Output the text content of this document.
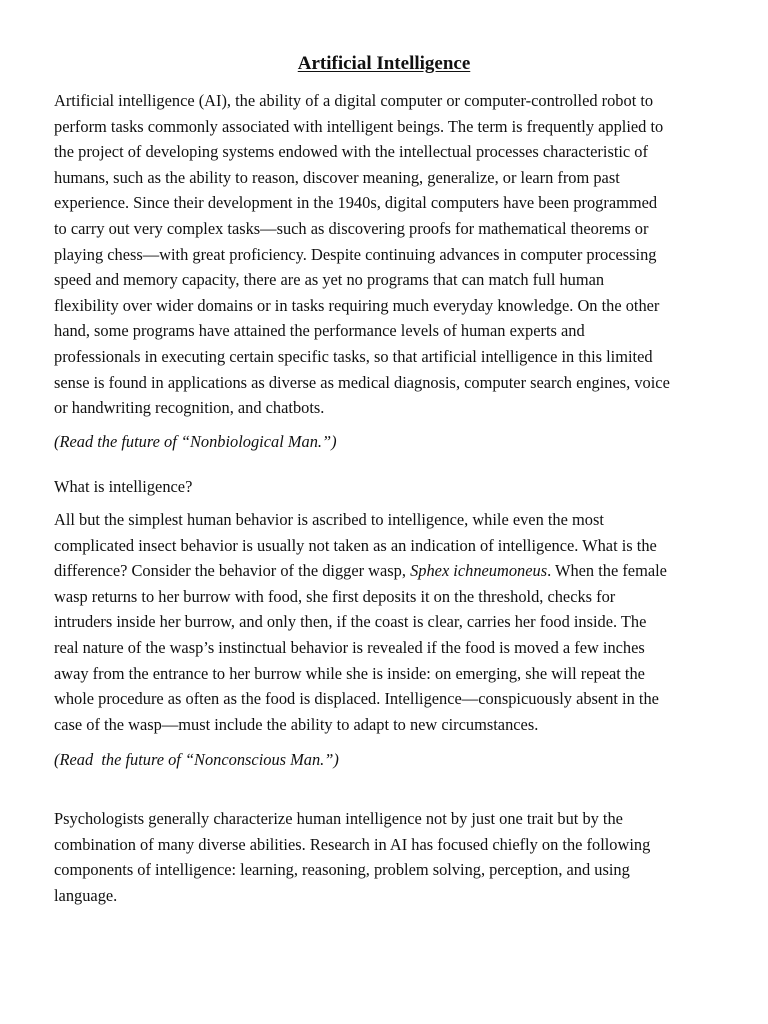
Artificial Intelligence

Artificial intelligence (AI), the ability of a digital computer or computer-controlled robot to
perform tasks commonly associated with intelligent beings. The term is frequently applied to
the project of developing systems endowed with the intellectual processes characteristic of
humans, such as the ability to reason, discover meaning, generalize, or learn from past
experience. Since their development in the 1940s, digital computers have been programmed
to carry out very complex tasks—such as discovering proofs for mathematical theorems or
playing chess—with great proficiency. Despite continuing advances in computer processing
speed and memory capacity, there are as yet no programs that can match full human
flexibility over wider domains or in tasks requiring much everyday knowledge. On the other
hand, some programs have attained the performance levels of human experts and
professionals in executing certain specific tasks, so that artificial intelligence in this limited
sense is found in applications as diverse as medical diagnosis, computer search engines, voice
or handwriting recognition, and chatbots.

(Read the future of “Nonbiological Man.”)

What is intelligence?

All but the simplest human behavior is ascribed to intelligence, while even the most
complicated insect behavior is usually not taken as an indication of intelligence. What is the
difference? Consider the behavior of the digger wasp, Sphex ichneumoneus. When the female
wasp returns to her burrow with food, she first deposits it on the threshold, checks for
intruders inside her burrow, and only then, if the coast is clear, carries her food inside. The
real nature of the wasp’s instinctual behavior is revealed if the food is moved a few inches
away from the entrance to her burrow while she is inside: on emerging, she will repeat the
whole procedure as often as the food is displaced. Intelligence—conspicuously absent in the
case of the wasp—must include the ability to adapt to new circumstances.

(Read  the future of “Nonconscious Man.”)

Psychologists generally characterize human intelligence not by just one trait but by the
combination of many diverse abilities. Research in AI has focused chiefly on the following
components of intelligence: learning, reasoning, problem solving, perception, and using
language.
